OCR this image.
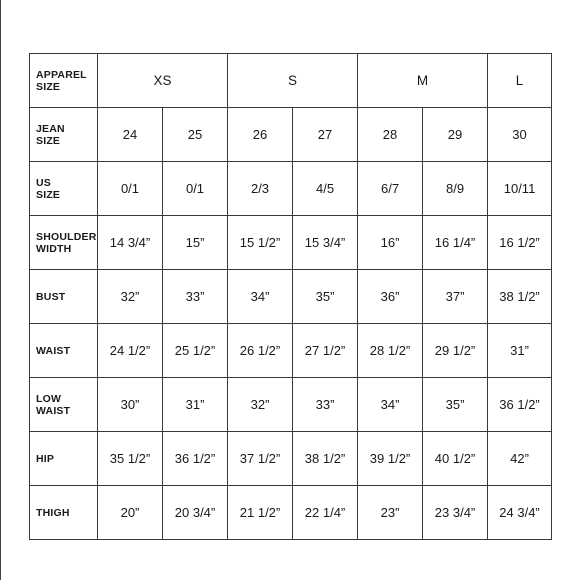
APPAREL
SIZE	XS		S		M		L
JEAN
SIZE	24	25	26	27	28	29	30
US
SIZE	0/1	0/1	2/3	4/5	6/7	8/9	10/11
SHOULDER
WIDTH	14 3/4”	15”	15 1/2”	15 3/4”	16”	16 1/4”	16 1/2”
BUST	32”	33”	34”	35”	36”	37”	38 1/2”
WAIST	24 1/2”	25 1/2”	26 1/2”	27 1/2”	28 1/2”	29 1/2”	31”
LOW
WAIST	30”	31”	32”	33”	34”	35”	36 1/2”
HIP	35 1/2”	36 1/2”	37 1/2”	38 1/2”	39 1/2”	40 1/2”	42”
THIGH	20”	20 3/4”	21 1/2”	22 1/4”	23”	23 3/4”	24 3/4”
